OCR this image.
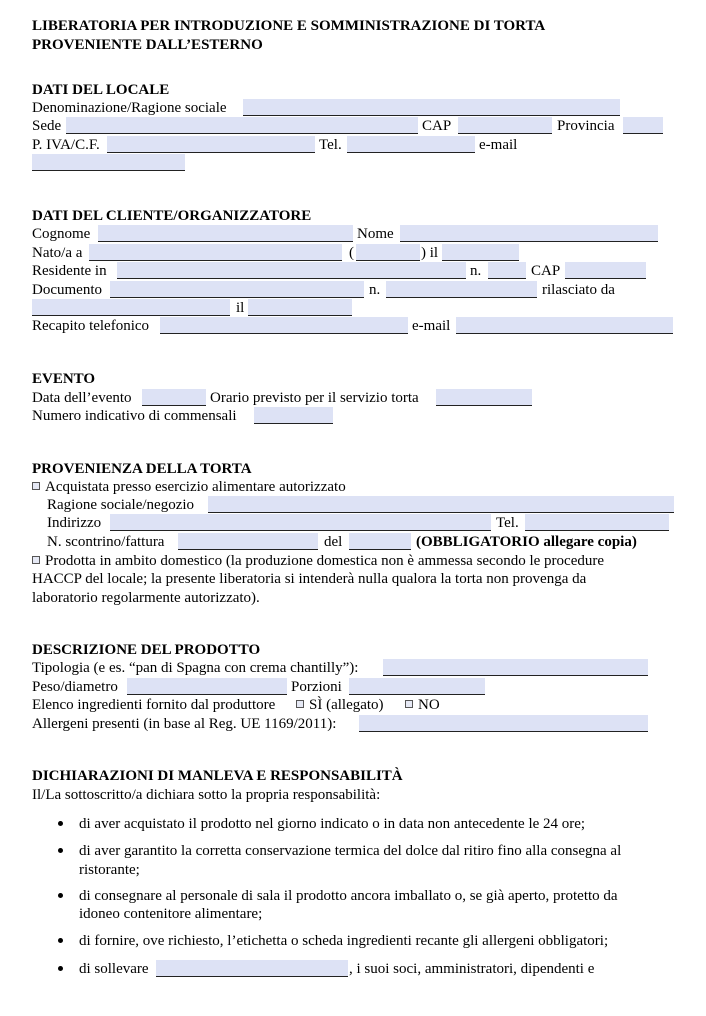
LIBERATORIA PER INTRODUZIONE E SOMMINISTRAZIONE DI TORTA
PROVENIENTE DALL’ESTERNO
DATI DEL LOCALE
Denominazione/Ragione sociale
Sede	CAP	Provincia
P. IVA/C.F.	Tel.	e-mail
DATI DEL CLIENTE/ORGANIZZATORE
Cognome	Nome
Nato/a a	(	) il
Residente in	n.	CAP
Documento	n.	rilasciato da
il
Recapito telefonico	e-mail
EVENTO
Data dell’evento	Orario previsto per il servizio torta
Numero indicativo di commensali
PROVENIENZA DELLA TORTA
Acquistata presso esercizio alimentare autorizzato
Ragione sociale/negozio
Indirizzo	Tel.
N. scontrino/fattura	del	(OBBLIGATORIO allegare copia)
Prodotta in ambito domestico (la produzione domestica non è ammessa secondo le procedure
HACCP del locale; la presente liberatoria si intenderà nulla qualora la torta non provenga da
laboratorio regolarmente autorizzato).
DESCRIZIONE DEL PRODOTTO
Tipologia (e es. “pan di Spagna con crema chantilly”):
Peso/diametro	Porzioni
Elenco ingredienti fornito dal produttore	SÌ (allegato)	NO
Allergeni presenti (in base al Reg. UE 1169/2011):
DICHIARAZIONI DI MANLEVA E RESPONSABILITÀ
Il/La sottoscritto/a dichiara sotto la propria responsabilità:
di aver acquistato il prodotto nel giorno indicato o in data non antecedente le 24 ore;
di aver garantito la corretta conservazione termica del dolce dal ritiro fino alla consegna al
ristorante;
di consegnare al personale di sala il prodotto ancora imballato o, se già aperto, protetto da
idoneo contenitore alimentare;
di fornire, ove richiesto, l’etichetta o scheda ingredienti recante gli allergeni obbligatori;
di sollevare	, i suoi soci, amministratori, dipendenti e
